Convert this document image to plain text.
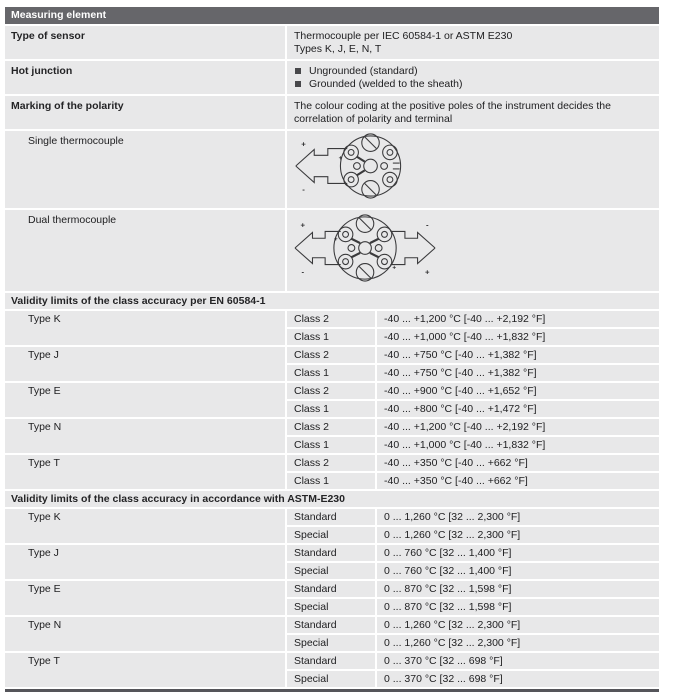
Measuring element
Type of sensor	Thermocouple per IEC 60584-1 or ASTM E230
Types K, J, E, N, T
Hot junction	Ungrounded (standard)
Grounded (welded to the sheath)
Marking of the polarity	The colour coding at the positive poles of the instrument decides the correlation of polarity and terminal
Single thermocouple	+
-
+
Dual thermocouple	+
-
-
+
+
+
Validity limits of the class accuracy per EN 60584-1
Type K	Class 2	-40 ... +1,200 °C [-40 ... +2,192 °F]
Class 1	-40 ... +1,000 °C [-40 ... +1,832 °F]
Type J	Class 2	-40 ... +750 °C [-40 ... +1,382 °F]
Class 1	-40 ... +750 °C [-40 ... +1,382 °F]
Type E	Class 2	-40 ... +900 °C [-40 ... +1,652 °F]
Class 1	-40 ... +800 °C [-40 ... +1,472 °F]
Type N	Class 2	-40 ... +1,200 °C [-40 ... +2,192 °F]
Class 1	-40 ... +1,000 °C [-40 ... +1,832 °F]
Type T	Class 2	-40 ... +350 °C [-40 ... +662 °F]
Class 1	-40 ... +350 °C [-40 ... +662 °F]
Validity limits of the class accuracy in accordance with ASTM-E230
Type K	Standard	0 ... 1,260 °C [32 ... 2,300 °F]
Special	0 ... 1,260 °C [32 ... 2,300 °F]
Type J	Standard	0 ... 760 °C [32 ... 1,400 °F]
Special	0 ... 760 °C [32 ... 1,400 °F]
Type E	Standard	0 ... 870 °C [32 ... 1,598 °F]
Special	0 ... 870 °C [32 ... 1,598 °F]
Type N	Standard	0 ... 1,260 °C [32 ... 2,300 °F]
Special	0 ... 1,260 °C [32 ... 2,300 °F]
Type T	Standard	0 ... 370 °C [32 ... 698 °F]
Special	0 ... 370 °C [32 ... 698 °F]
